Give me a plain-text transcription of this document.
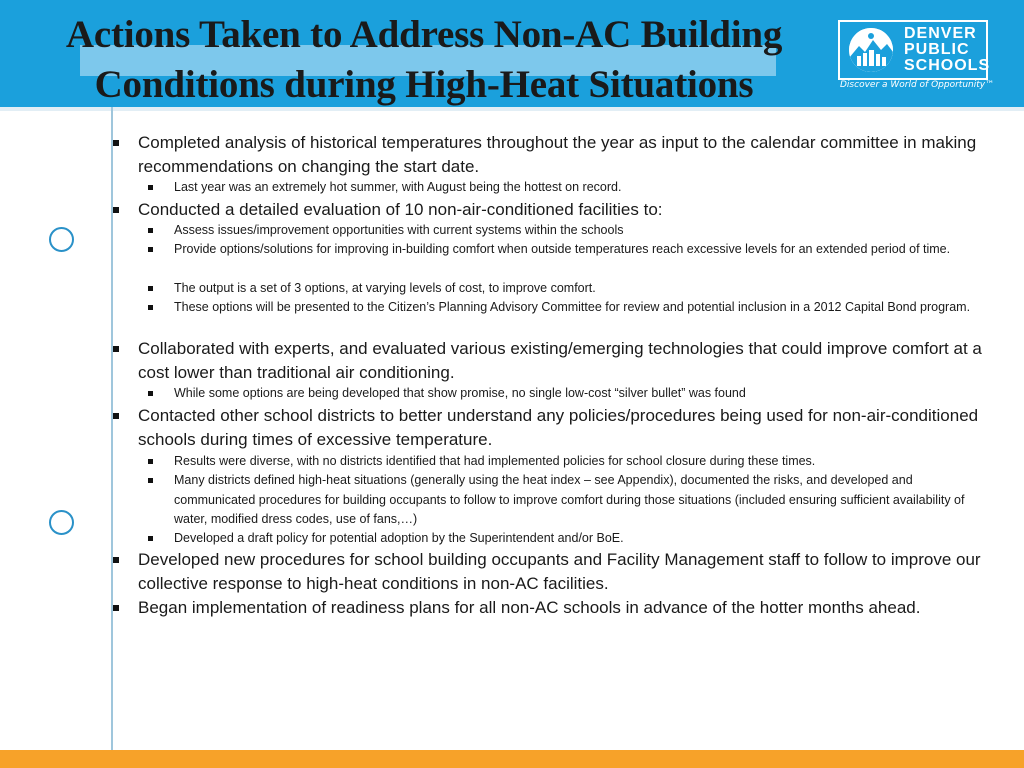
Actions Taken to Address Non-AC Building
Conditions during High-Heat Situations
DENVER
PUBLIC
SCHOOLS
Discover a World of Opportunity™

Completed analysis of historical temperatures throughout the year as input to the calendar committee in making recommendations on changing the start date.

Last year was an extremely hot summer, with August being the hottest on record.

Conducted a detailed evaluation of 10 non-air-conditioned facilities to:

Assess issues/improvement opportunities with current systems within the schools

Provide options/solutions for improving in-building comfort when outside temperatures reach excessive levels for an extended period of time.

The output is a set of 3 options, at varying levels of cost, to improve comfort.

These options will be presented to the Citizen’s Planning Advisory Committee for review and potential inclusion in a 2012 Capital Bond program.

Collaborated with experts, and evaluated various existing/emerging technologies that could improve comfort at a cost lower than traditional air conditioning.

While some options are being developed that show promise, no single low-cost “silver bullet” was found

Contacted other school districts to better understand any policies/procedures being used for non-air-conditioned schools during times of excessive temperature.

Results were diverse, with no districts identified that had implemented policies for school closure during these times.

Many districts defined high-heat situations (generally using the heat index – see Appendix), documented the risks, and developed and communicated procedures for building occupants to follow to improve comfort during those situations (included ensuring sufficient availability of water, modified dress codes, use of fans,…)

Developed a draft policy for potential adoption by the Superintendent and/or BoE.

Developed new procedures for school building occupants and Facility Management staff to follow to improve our collective response to high-heat conditions in non-AC facilities.

Began implementation of readiness plans for all non-AC schools in advance of the hotter months ahead.
